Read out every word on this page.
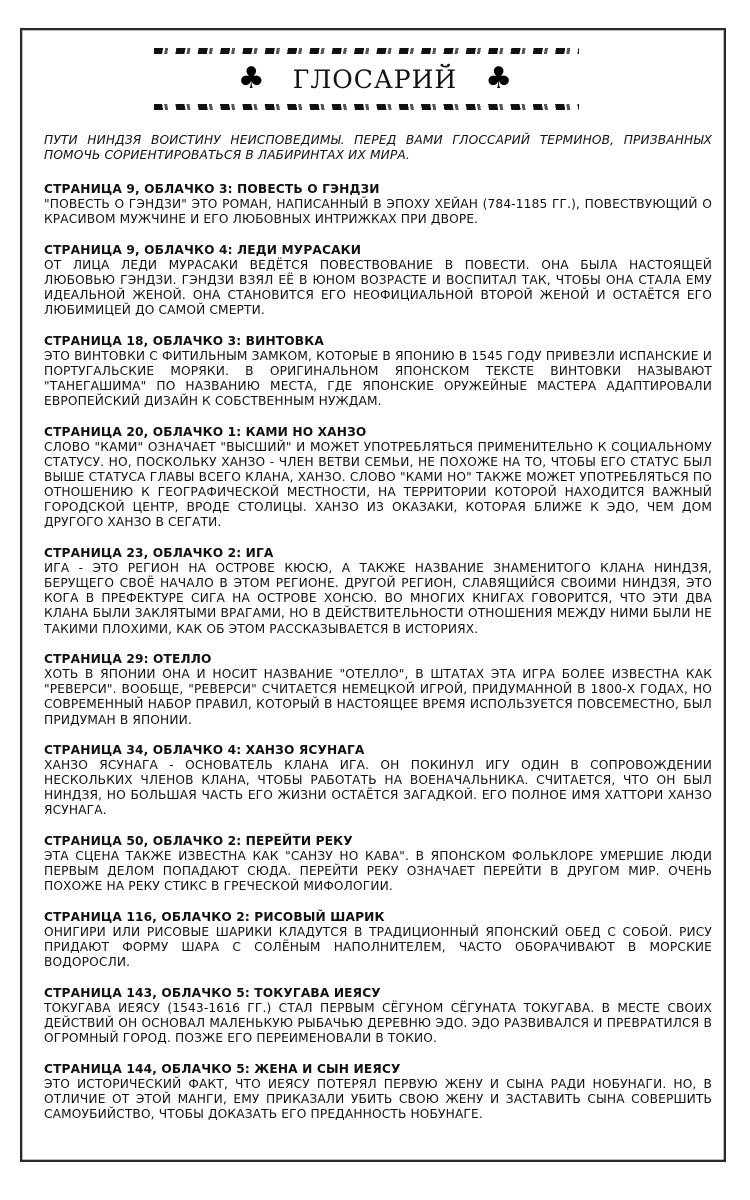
♣ ГЛОСАРИЙ ♣

ПУТИ НИНДЗЯ ВОИСТИНУ НЕИСПОВЕДИМЫ. ПЕРЕД ВАМИ ГЛОССАРИЙ ТЕРМИНОВ, ПРИЗВАННЫХ ПОМОЧЬ СОРИЕНТИРОВАТЬСЯ В ЛАБИРИНТАХ ИХ МИРА.

СТРАНИЦА 9, ОБЛАЧКО 3: ПОВЕСТЬ О ГЭНДЗИ

"ПОВЕСТЬ О ГЭНДЗИ" ЭТО РОМАН, НАПИСАННЫЙ В ЭПОХУ ХЕЙАН (784-1185 ГГ.), ПОВЕСТВУЮЩИЙ О КРАСИВОМ МУЖЧИНЕ И ЕГО ЛЮБОВНЫХ ИНТРИЖКАХ ПРИ ДВОРЕ.

СТРАНИЦА 9, ОБЛАЧКО 4: ЛЕДИ МУРАСАКИ

ОТ ЛИЦА ЛЕДИ МУРАСАКИ ВЕДЁТСЯ ПОВЕСТВОВАНИЕ В ПОВЕСТИ. ОНА БЫЛА НАСТОЯЩЕЙ ЛЮБОВЬЮ ГЭНДЗИ. ГЭНДЗИ ВЗЯЛ ЕЁ В ЮНОМ ВОЗРАСТЕ И ВОСПИТАЛ ТАК, ЧТОБЫ ОНА СТАЛА ЕМУ ИДЕАЛЬНОЙ ЖЕНОЙ. ОНА СТАНОВИТСЯ ЕГО НЕОФИЦИАЛЬНОЙ ВТОРОЙ ЖЕНОЙ И ОСТАЁТСЯ ЕГО ЛЮБИМИЦЕЙ ДО САМОЙ СМЕРТИ.

СТРАНИЦА 18, ОБЛАЧКО 3: ВИНТОВКА

ЭТО ВИНТОВКИ С ФИТИЛЬНЫМ ЗАМКОМ, КОТОРЫЕ В ЯПОНИЮ В 1545 ГОДУ ПРИВЕЗЛИ ИСПАНСКИЕ И ПОРТУГАЛЬСКИЕ МОРЯКИ. В ОРИГИНАЛЬНОМ ЯПОНСКОМ ТЕКСТЕ ВИНТОВКИ НАЗЫВАЮТ "ТАНЕГАШИМА" ПО НАЗВАНИЮ МЕСТА, ГДЕ ЯПОНСКИЕ ОРУЖЕЙНЫЕ МАСТЕРА АДАПТИРОВАЛИ ЕВРОПЕЙСКИЙ ДИЗАЙН К СОБСТВЕННЫМ НУЖДАМ.

СТРАНИЦА 20, ОБЛАЧКО 1: КАМИ НО ХАНЗО

СЛОВО "КАМИ" ОЗНАЧАЕТ "ВЫСШИЙ" И МОЖЕТ УПОТРЕБЛЯТЬСЯ ПРИМЕНИТЕЛЬНО К СОЦИАЛЬНОМУ СТАТУСУ. НО, ПОСКОЛЬКУ ХАНЗО - ЧЛЕН ВЕТВИ СЕМЬИ, НЕ ПОХОЖЕ НА ТО, ЧТОБЫ ЕГО СТАТУС БЫЛ ВЫШЕ СТАТУСА ГЛАВЫ ВСЕГО КЛАНА, ХАНЗО. СЛОВО "КАМИ НО" ТАКЖЕ МОЖЕТ УПОТРЕБЛЯТЬСЯ ПО ОТНОШЕНИЮ К ГЕОГРАФИЧЕСКОЙ МЕСТНОСТИ, НА ТЕРРИТОРИИ КОТОРОЙ НАХОДИТСЯ ВАЖНЫЙ ГОРОДСКОЙ ЦЕНТР, ВРОДЕ СТОЛИЦЫ. ХАНЗО ИЗ ОКАЗАКИ, КОТОРАЯ БЛИЖЕ К ЭДО, ЧЕМ ДОМ ДРУГОГО ХАНЗО В СЕГАТИ.

СТРАНИЦА 23, ОБЛАЧКО 2: ИГА

ИГА - ЭТО РЕГИОН НА ОСТРОВЕ КЮСЮ, А ТАКЖЕ НАЗВАНИЕ ЗНАМЕНИТОГО КЛАНА НИНДЗЯ, БЕРУЩЕГО СВОЁ НАЧАЛО В ЭТОМ РЕГИОНЕ. ДРУГОЙ РЕГИОН, СЛАВЯЩИЙСЯ СВОИМИ НИНДЗЯ, ЭТО КОГА В ПРЕФЕКТУРЕ СИГА НА ОСТРОВЕ ХОНСЮ. ВО МНОГИХ КНИГАХ ГОВОРИТСЯ, ЧТО ЭТИ ДВА КЛАНА БЫЛИ ЗАКЛЯТЫМИ ВРАГАМИ, НО В ДЕЙСТВИТЕЛЬНОСТИ ОТНОШЕНИЯ МЕЖДУ НИМИ БЫЛИ НЕ ТАКИМИ ПЛОХИМИ, КАК ОБ ЭТОМ РАССКАЗЫВАЕТСЯ В ИСТОРИЯХ.

СТРАНИЦА 29: ОТЕЛЛО

ХОТЬ В ЯПОНИИ ОНА И НОСИТ НАЗВАНИЕ "ОТЕЛЛО", В ШТАТАХ ЭТА ИГРА БОЛЕЕ ИЗВЕСТНА КАК "РЕВЕРСИ". ВООБЩЕ, "РЕВЕРСИ" СЧИТАЕТСЯ НЕМЕЦКОЙ ИГРОЙ, ПРИДУМАННОЙ В 1800-Х ГОДАХ, НО СОВРЕМЕННЫЙ НАБОР ПРАВИЛ, КОТОРЫЙ В НАСТОЯЩЕЕ ВРЕМЯ ИСПОЛЬЗУЕТСЯ ПОВСЕМЕСТНО, БЫЛ ПРИДУМАН В ЯПОНИИ.

СТРАНИЦА 34, ОБЛАЧКО 4: ХАНЗО ЯСУНАГА

ХАНЗО ЯСУНАГА - ОСНОВАТЕЛЬ КЛАНА ИГА. ОН ПОКИНУЛ ИГУ ОДИН В СОПРОВОЖДЕНИИ НЕСКОЛЬКИХ ЧЛЕНОВ КЛАНА, ЧТОБЫ РАБОТАТЬ НА ВОЕНАЧАЛЬНИКА. СЧИТАЕТСЯ, ЧТО ОН БЫЛ НИНДЗЯ, НО БОЛЬШАЯ ЧАСТЬ ЕГО ЖИЗНИ ОСТАЁТСЯ ЗАГАДКОЙ. ЕГО ПОЛНОЕ ИМЯ ХАТТОРИ ХАНЗО ЯСУНАГА.

СТРАНИЦА 50, ОБЛАЧКО 2: ПЕРЕЙТИ РЕКУ

ЭТА СЦЕНА ТАКЖЕ ИЗВЕСТНА КАК "САНЗУ НО КАВА". В ЯПОНСКОМ ФОЛЬКЛОРЕ УМЕРШИЕ ЛЮДИ ПЕРВЫМ ДЕЛОМ ПОПАДАЮТ СЮДА. ПЕРЕЙТИ РЕКУ ОЗНАЧАЕТ ПЕРЕЙТИ В ДРУГОМ МИР. ОЧЕНЬ ПОХОЖЕ НА РЕКУ СТИКС В ГРЕЧЕСКОЙ МИФОЛОГИИ.

СТРАНИЦА 116, ОБЛАЧКО 2: РИСОВЫЙ ШАРИК

ОНИГИРИ ИЛИ РИСОВЫЕ ШАРИКИ КЛАДУТСЯ В ТРАДИЦИОННЫЙ ЯПОНСКИЙ ОБЕД С СОБОЙ. РИСУ ПРИДАЮТ ФОРМУ ШАРА С СОЛЁНЫМ НАПОЛНИТЕЛЕМ, ЧАСТО ОБОРАЧИВАЮТ В МОРСКИЕ ВОДОРОСЛИ.

СТРАНИЦА 143, ОБЛАЧКО 5: ТОКУГАВА ИЕЯСУ

ТОКУГАВА ИЕЯСУ (1543-1616 ГГ.) СТАЛ ПЕРВЫМ СЁГУНОМ СЁГУНАТА ТОКУГАВА. В МЕСТЕ СВОИХ ДЕЙСТВИЙ ОН ОСНОВАЛ МАЛЕНЬКУЮ РЫБАЧЬЮ ДЕРЕВНЮ ЭДО. ЭДО РАЗВИВАЛСЯ И ПРЕВРАТИЛСЯ В ОГРОМНЫЙ ГОРОД. ПОЗЖЕ ЕГО ПЕРЕИМЕНОВАЛИ В ТОКИО.

СТРАНИЦА 144, ОБЛАЧКО 5: ЖЕНА И СЫН ИЕЯСУ

ЭТО ИСТОРИЧЕСКИЙ ФАКТ, ЧТО ИЕЯСУ ПОТЕРЯЛ ПЕРВУЮ ЖЕНУ И СЫНА РАДИ НОБУНАГИ. НО, В ОТЛИЧИЕ ОТ ЭТОЙ МАНГИ, ЕМУ ПРИКАЗАЛИ УБИТЬ СВОЮ ЖЕНУ И ЗАСТАВИТЬ СЫНА СОВЕРШИТЬ САМОУБИЙСТВО, ЧТОБЫ ДОКАЗАТЬ ЕГО ПРЕДАННОСТЬ НОБУНАГЕ.
